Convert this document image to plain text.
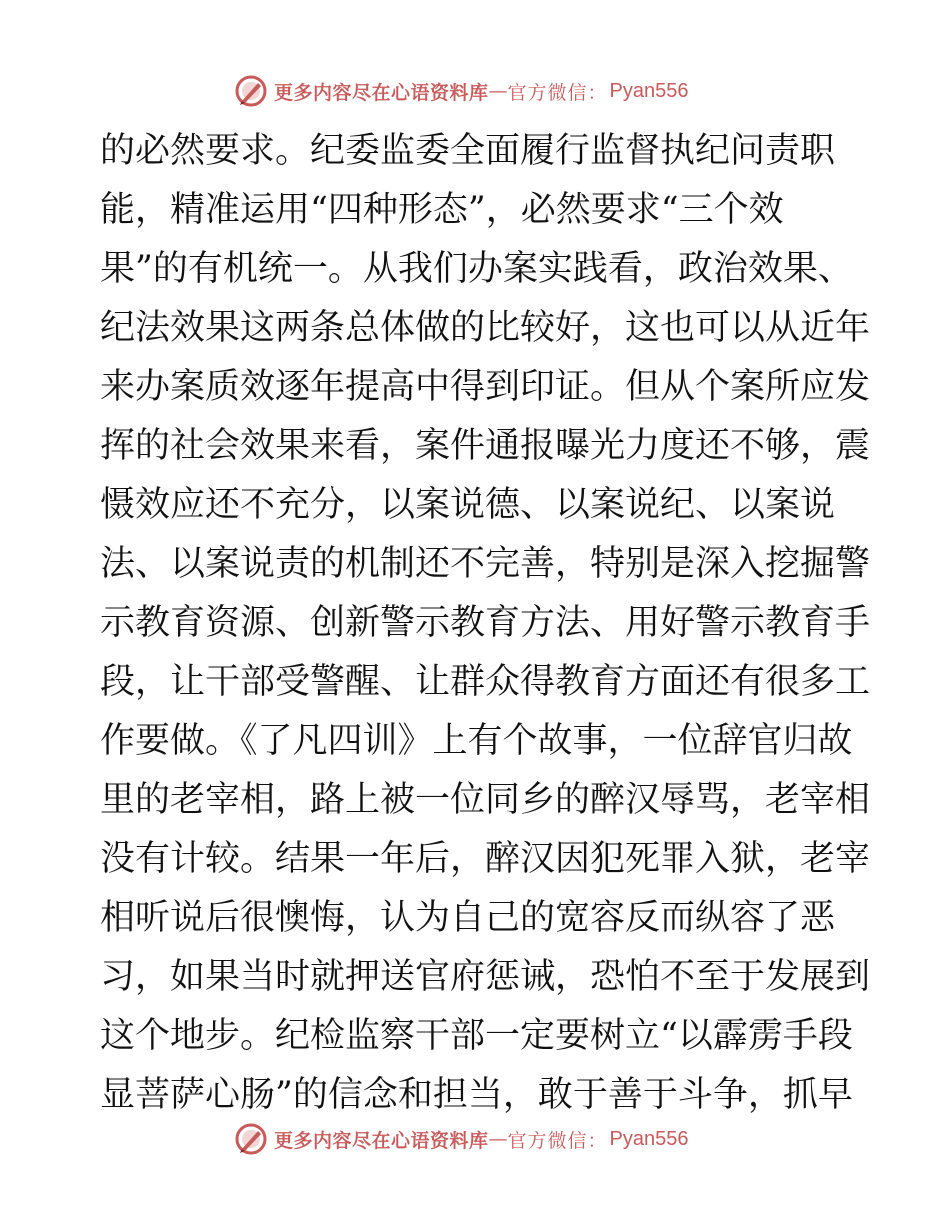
更多内容尽在心语资料库 — 官方微信： Pyan556
的必然要求。纪委监委全面履行监督执纪问责职
能，精准运用“四种形态”，必然要求“三个效
果”的有机统一。从我们办案实践看，政治效果、
纪法效果这两条总体做的比较好，这也可以从近年
来办案质效逐年提高中得到印证。但从个案所应发
挥的社会效果来看，案件通报曝光力度还不够，震
慑效应还不充分，以案说德、以案说纪、以案说
法、以案说责的机制还不完善，特别是深入挖掘警
示教育资源、创新警示教育方法、用好警示教育手
段，让干部受警醒、让群众得教育方面还有很多工
作要做。《了凡四训》上有个故事，一位辞官归故
里的老宰相，路上被一位同乡的醉汉辱骂，老宰相
没有计较。结果一年后，醉汉因犯死罪入狱，老宰
相听说后很懊悔，认为自己的宽容反而纵容了恶
习，如果当时就押送官府惩诫，恐怕不至于发展到
这个地步。纪检监察干部一定要树立“以霹雳手段
显菩萨心肠”的信念和担当，敢于善于斗争，抓早
更多内容尽在心语资料库 — 官方微信： Pyan556
